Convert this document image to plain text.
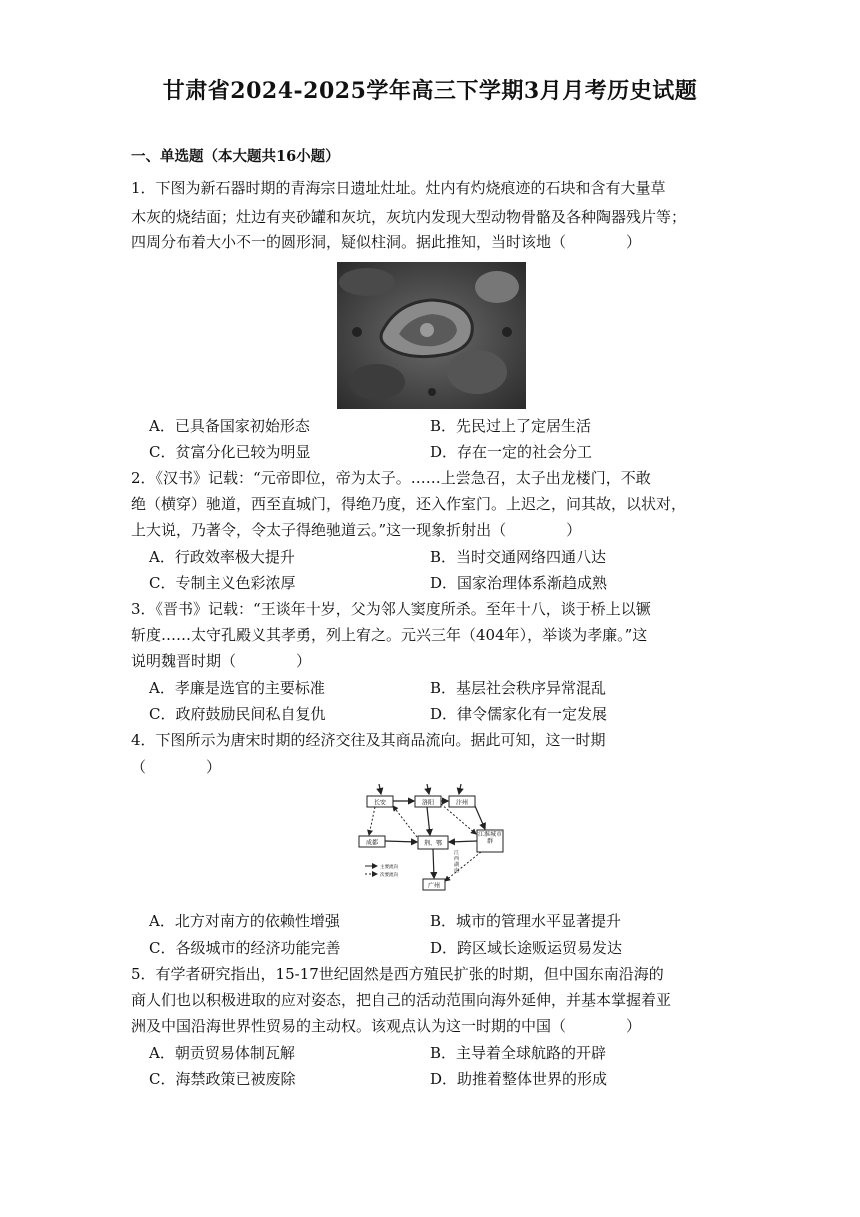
甘肃省2024-2025学年高三下学期3月月考历史试题
一、单选题（本大题共16小题）
1．下图为新石器时期的青海宗日遗址灶址。灶内有灼烧痕迹的石块和含有大量草
木灰的烧结面；灶边有夹砂罐和灰坑，灰坑内发现大型动物骨骼及各种陶器残片等；
四周分布着大小不一的圆形洞，疑似柱洞。据此推知，当时该地（　　　　）
A．已具备国家初始形态	B．先民过上了定居生活
C．贫富分化已较为明显	D．存在一定的社会分工
2．《汉书》记载：“元帝即位，帝为太子。……上尝急召，太子出龙楼门，不敢
绝（横穿）驰道，西至直城门，得绝乃度，还入作室门。上迟之，问其故，以状对，
上大说，乃著令，令太子得绝驰道云。”这一现象折射出（　　　　）
A．行政效率极大提升	B．当时交通网络四通八达
C．专制主义色彩浓厚	D．国家治理体系渐趋成熟
3．《晋书》记载：“王谈年十岁，父为邻人窦度所杀。至年十八，谈于桥上以镢
斩度……太守孔殿义其孝勇，列上宥之。元兴三年（404年），举谈为孝廉。”这
说明魏晋时期（　　　　）
A．孝廉是选官的主要标准	B．基层社会秩序异常混乱
C．政府鼓励民间私自复仇	D．律令儒家化有一定发展
4．下图所示为唐宋时期的经济交往及其商品流向。据此可知，这一时期
（　　　　）
长安	洛阳	汴州
成都	荆、鄂
江淮城市群
广州
江西湖南
主要流向
次要流向
A．北方对南方的依赖性增强	B．城市的管理水平显著提升
C．各级城市的经济功能完善	D．跨区域长途贩运贸易发达
5．有学者研究指出，15-17世纪固然是西方殖民扩张的时期，但中国东南沿海的
商人们也以积极进取的应对姿态，把自己的活动范围向海外延伸，并基本掌握着亚
洲及中国沿海世界性贸易的主动权。该观点认为这一时期的中国（　　　　）
A．朝贡贸易体制瓦解	B．主导着全球航路的开辟
C．海禁政策已被废除	D．助推着整体世界的形成
